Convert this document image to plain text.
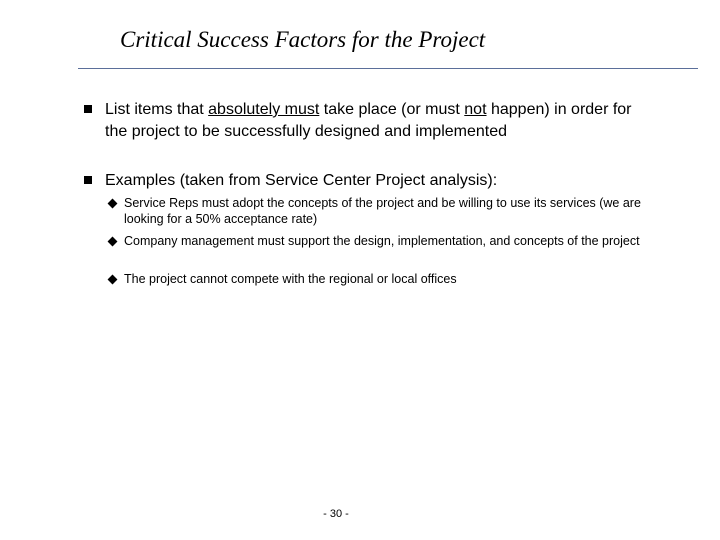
Critical Success Factors for the Project
List items that absolutely must take place (or must not happen) in order for the project to be successfully designed and implemented
Examples (taken from Service Center Project analysis):
Service Reps must adopt the concepts of the project and be willing to use its services (we are looking for a 50% acceptance rate)
Company management must support the design, implementation, and concepts of the project
The project cannot compete with the regional or local offices
- 30 -
